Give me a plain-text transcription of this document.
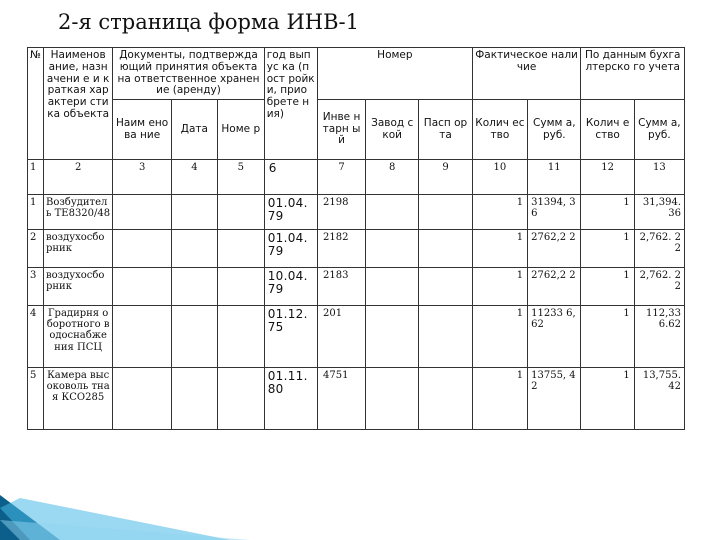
2-я страница форма ИНВ-1
№	Наименов ание, назначени е и краткая характери стика объекта	Документы, подтверждающий принятия объекта на ответственное хранение (аренду)			год выпус ка (пост ройк и, прио брете ния)	Номер			Фактическое наличие		По данным бухгалтерско го учета	
		Наим енова ние	Дата	Номе р		Инве нтарн ый	Завод ской	Пасп орта	Колич ество	Сумм а, руб.	Колич ество	Сумм а, руб.
1	2	3	4	5	6	7	8	9	10	11	12	13
1	Возбудител ь ТЕ8320/48				01.04. 79	2198			1	31394, 36	1	31,394. 36
2	воздухосбо рник				01.04. 79	2182			1	2762,2 2	1	2,762. 22
3	воздухосбо рник				10.04. 79	2183			1	2762,2 2	1	2,762. 22
4	Градирня оборотного водоснабже ния ПСЦ				01.12. 75	201			1	11233 6,62	1	112,33 6.62
5	Камера высоковоль тная КСО285				01.11. 80	4751			1	13755, 42	1	13,755. 42
